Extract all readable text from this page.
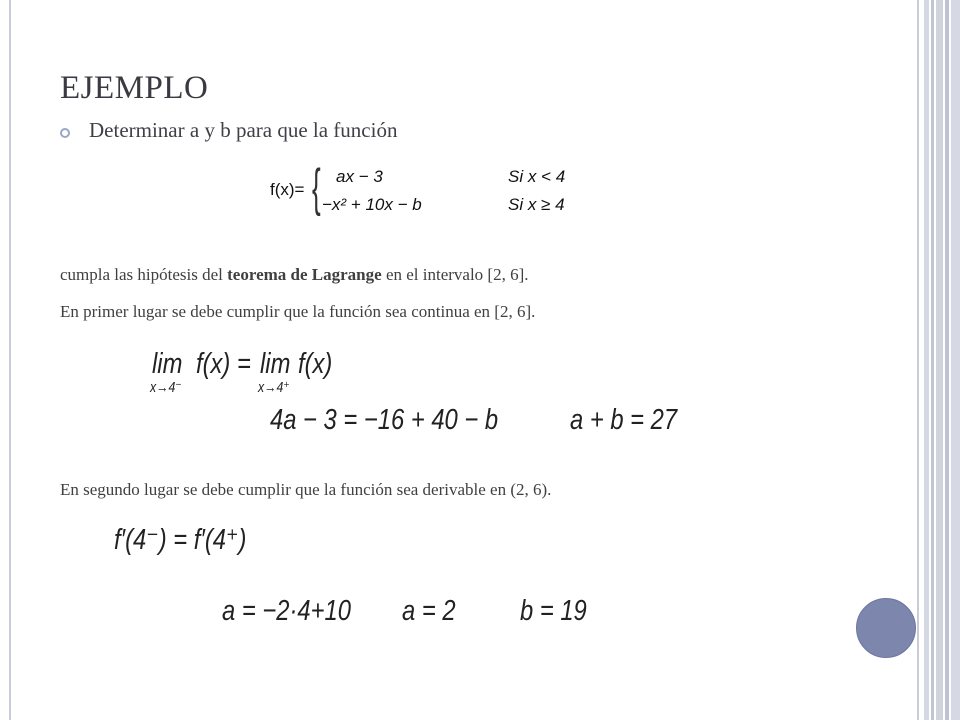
EJEMPLO
Determinar a y b para que la función
f(x)= { ax − 3	Si x < 4
−x² + 10x − b	Si x ≥ 4
cumpla las hipótesis del teorema de Lagrange en el intervalo [2, 6].
En primer lugar se debe cumplir que la función sea continua en [2, 6].
lim f(x) =
x→4⁻
lim f(x)
x→4⁺
4a − 3 = −16 + 40 − b a + b = 27
En segundo lugar se debe cumplir que la función sea derivable en (2, 6).
f′(4⁻) = f′(4⁺)
a = −2·4+10 a = 2 b = 19
